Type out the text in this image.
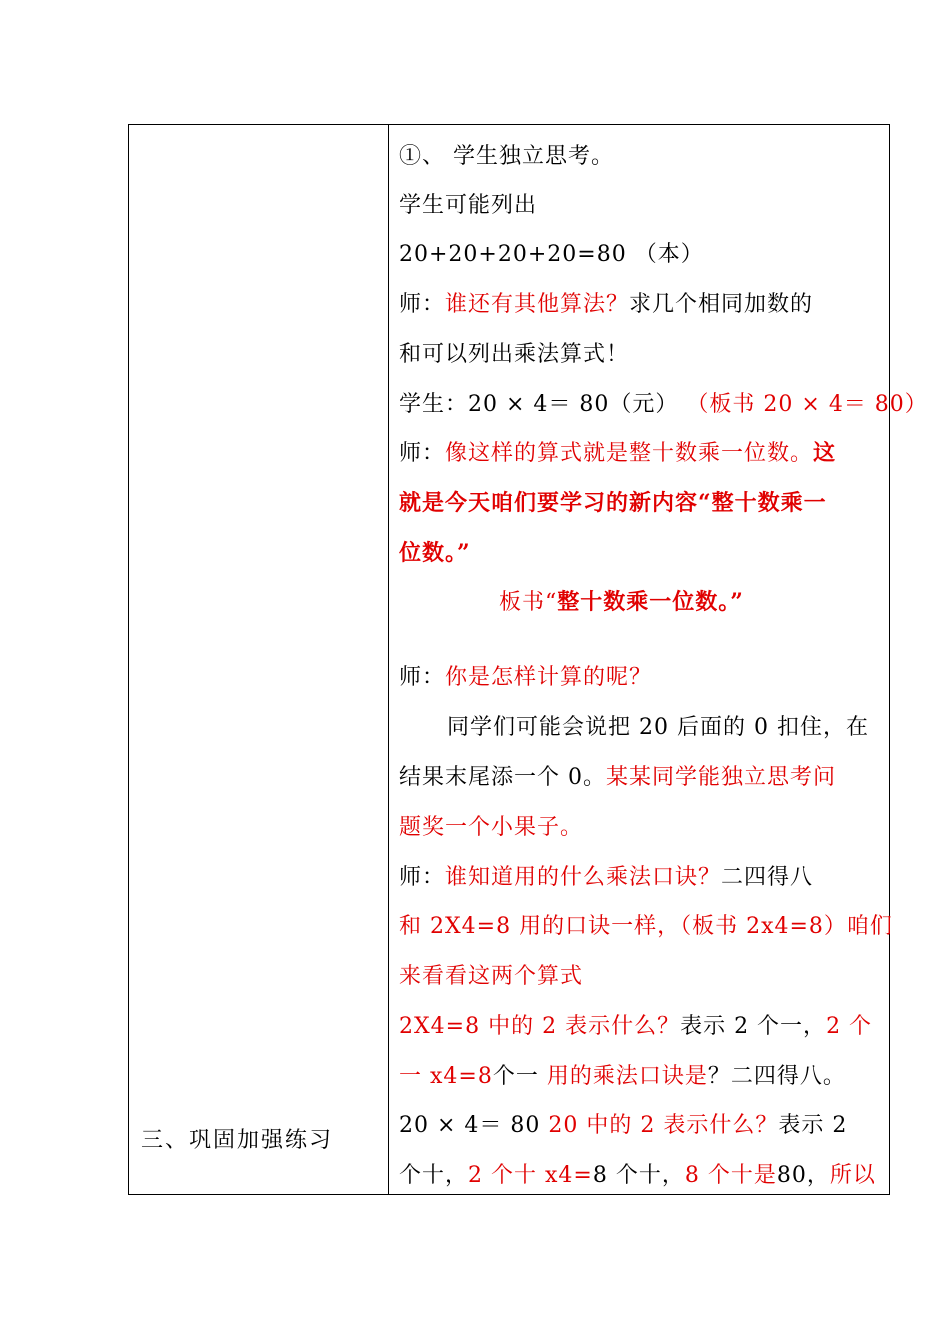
三、巩固加强练习
①、 学生独立思考。
学生可能列出
20+20+20+20=80 （本）
师：谁还有其他算法？求几个相同加数的
和可以列出乘法算式！
学生：20 × 4＝ 80（元） （板书 20 × 4＝ 80）
师：像这样的算式就是整十数乘一位数。这
就是今天咱们要学习的新内容“整十数乘一
位数。”
板书“整十数乘一位数。”
师：你是怎样计算的呢？
同学们可能会说把 20 后面的 0 扣住，在
结果末尾添一个 0。某某同学能独立思考问
题奖一个小果子。
师：谁知道用的什么乘法口诀？二四得八
和 2X4=8 用的口诀一样，（板书 2x4=8）咱们
来看看这两个算式
2X4=8 中的 2 表示什么？表示 2 个一，2 个
一 x4=8个一 用的乘法口诀是？二四得八。
20 × 4＝ 80 20 中的 2 表示什么？表示 2
个十，2 个十 x4=8 个十，8 个十是80，所以
